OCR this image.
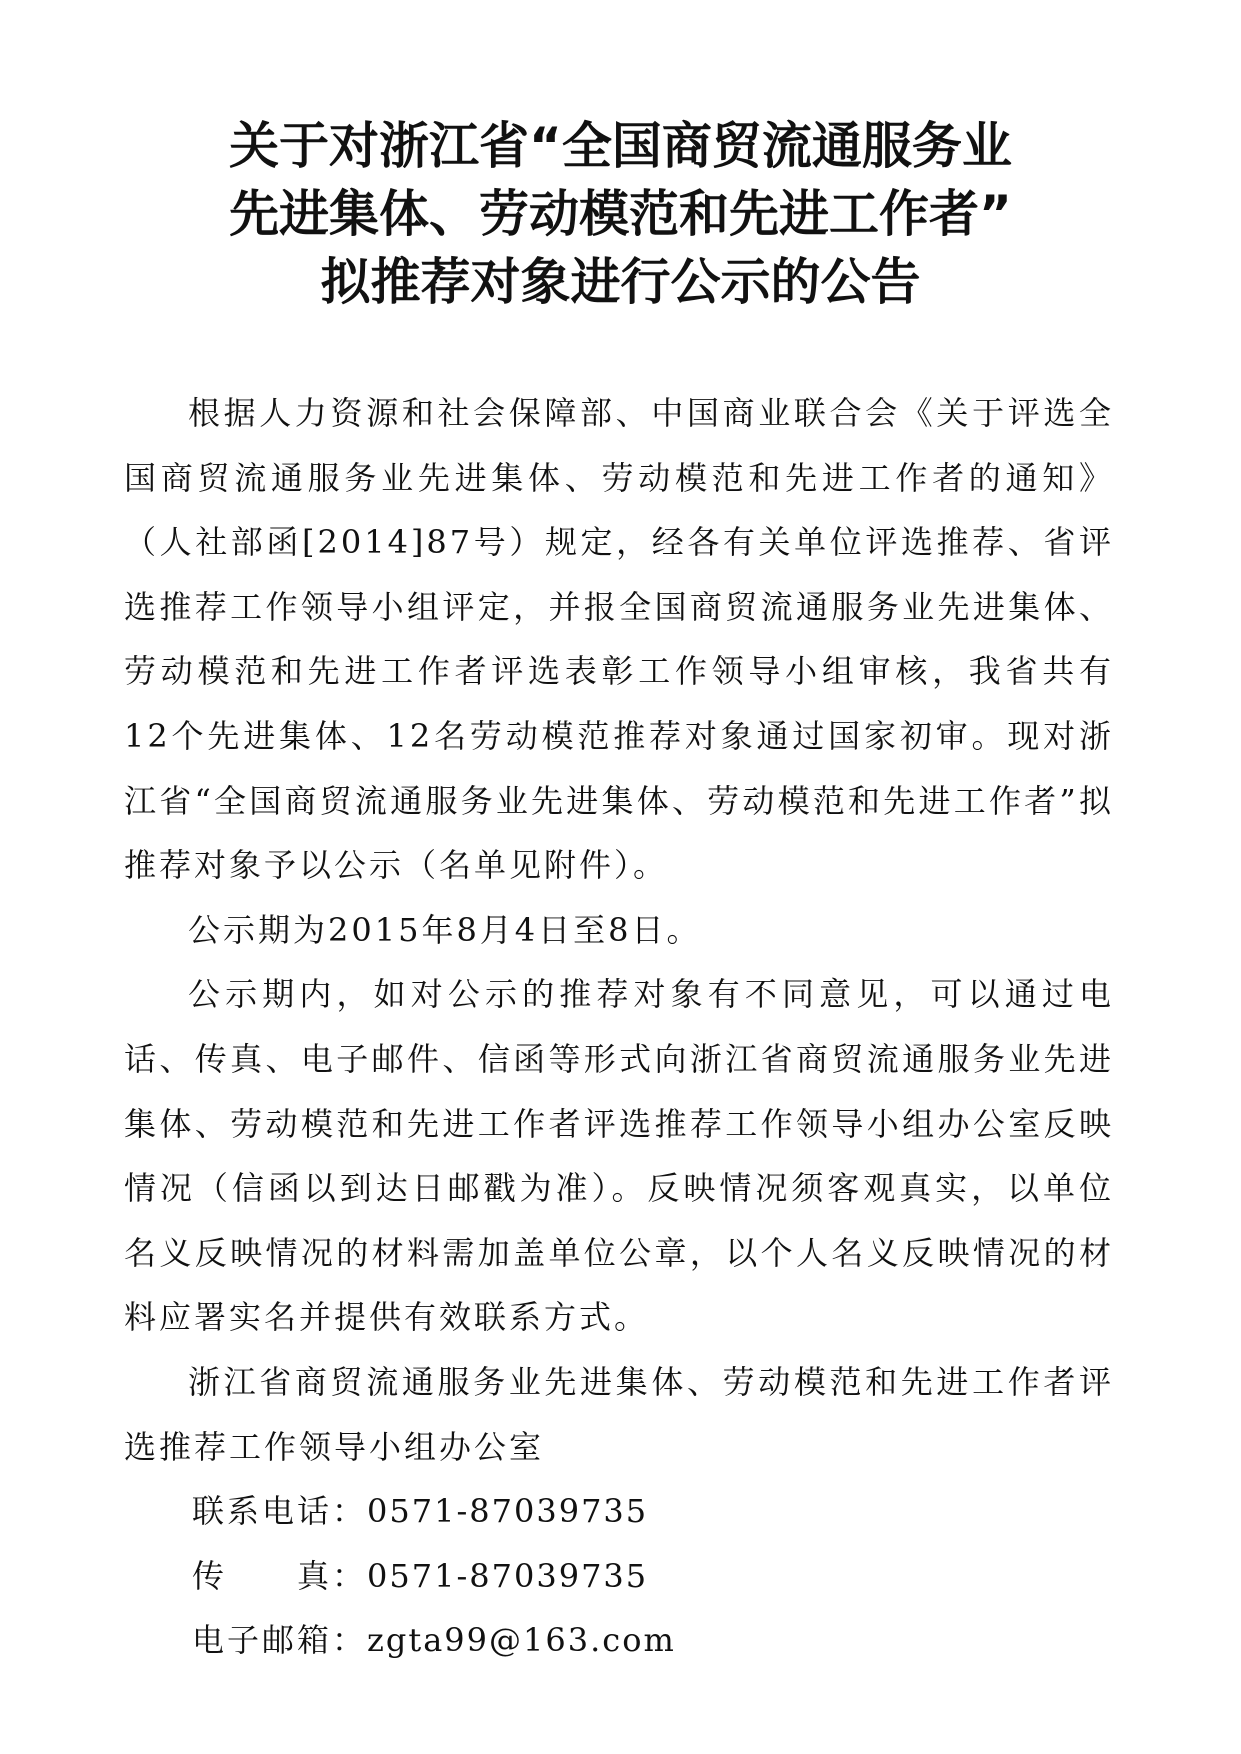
关于对浙江省“全国商贸流通服务业
先进集体、劳动模范和先进工作者”
拟推荐对象进行公示的公告

根据人力资源和社会保障部、中国商业联合会《关于评选全国商贸流通服务业先进集体、劳动模范和先进工作者的通知》（人社部函[2014]87号）规定，经各有关单位评选推荐、省评选推荐工作领导小组评定，并报全国商贸流通服务业先进集体、劳动模范和先进工作者评选表彰工作领导小组审核，我省共有12个先进集体、12名劳动模范推荐对象通过国家初审。现对浙江省“全国商贸流通服务业先进集体、劳动模范和先进工作者”拟推荐对象予以公示（名单见附件）。

公示期为2015年8月4日至8日。

公示期内，如对公示的推荐对象有不同意见，可以通过电话、传真、电子邮件、信函等形式向浙江省商贸流通服务业先进集体、劳动模范和先进工作者评选推荐工作领导小组办公室反映情况（信函以到达日邮戳为准）。反映情况须客观真实，以单位名义反映情况的材料需加盖单位公章，以个人名义反映情况的材料应署实名并提供有效联系方式。

浙江省商贸流通服务业先进集体、劳动模范和先进工作者评选推荐工作领导小组办公室

联系电话：0571-87039735

传　　真：0571-87039735

电子邮箱：zgta99@163.com
